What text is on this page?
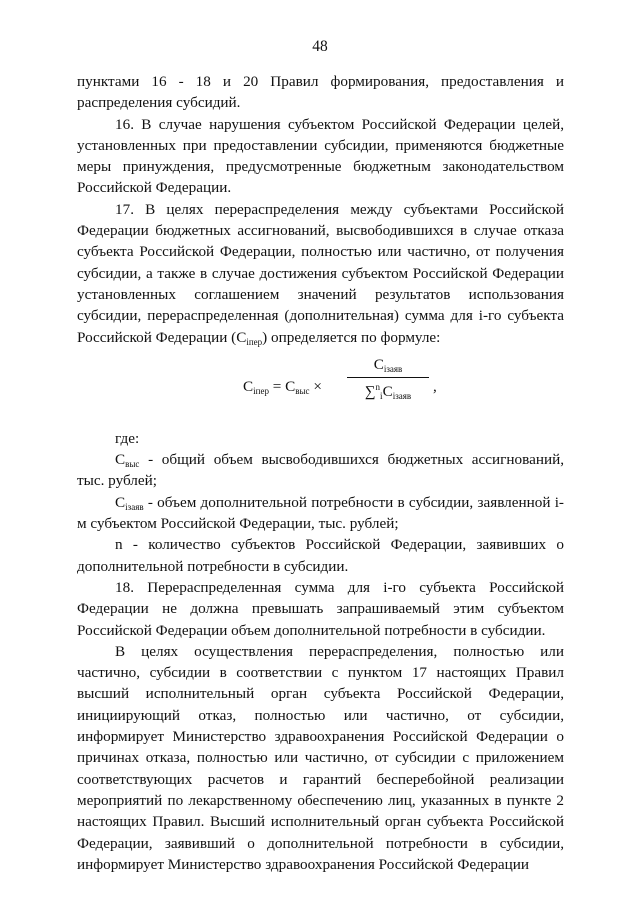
48

пунктами 16 - 18 и 20 Правил формирования, предоставления и распределения субсидий.

16. В случае нарушения субъектом Российской Федерации целей, установленных при предоставлении субсидии, применяются бюджетные меры принуждения, предусмотренные бюджетным законодательством Российской Федерации.

17. В целях перераспределения между субъектами Российской Федерации бюджетных ассигнований, высвободившихся в случае отказа субъекта Российской Федерации, полностью или частично, от получения субсидии, а также в случае достижения субъектом Российской Федерации установленных соглашением значений результатов использования субсидии, перераспределенная (дополнительная) сумма для i-го субъекта Российской Федерации $(C_{iпер})$ определяется по формуле:

$C_{iпер} = C_{выс}$ ×
$C_{iзаяв}$
$\sum^n_iC_{iзаяв}$
,

где:

$C_{выс}$ - общий объем высвободившихся бюджетных ассигнований, тыс. рублей;

$C_{iзаяв}$ - объем дополнительной потребности в субсидии, заявленной i-м субъектом Российской Федерации, тыс. рублей;

n - количество субъектов Российской Федерации, заявивших о дополнительной потребности в субсидии.

18. Перераспределенная сумма для i-го субъекта Российской Федерации не должна превышать запрашиваемый этим субъектом Российской Федерации объем дополнительной потребности в субсидии.

В целях осуществления перераспределения, полностью или частично, субсидии в соответствии с пунктом 17 настоящих Правил высший исполнительный орган субъекта Российской Федерации, инициирующий отказ, полностью или частично, от субсидии, информирует Министерство здравоохранения Российской Федерации о причинах отказа, полностью или частично, от субсидии с приложением соответствующих расчетов и гарантий бесперебойной реализации мероприятий по лекарственному обеспечению лиц, указанных в пункте 2 настоящих Правил. Высший исполнительный орган субъекта Российской Федерации, заявивший о дополнительной потребности в субсидии, информирует Министерство здравоохранения Российской Федерации
